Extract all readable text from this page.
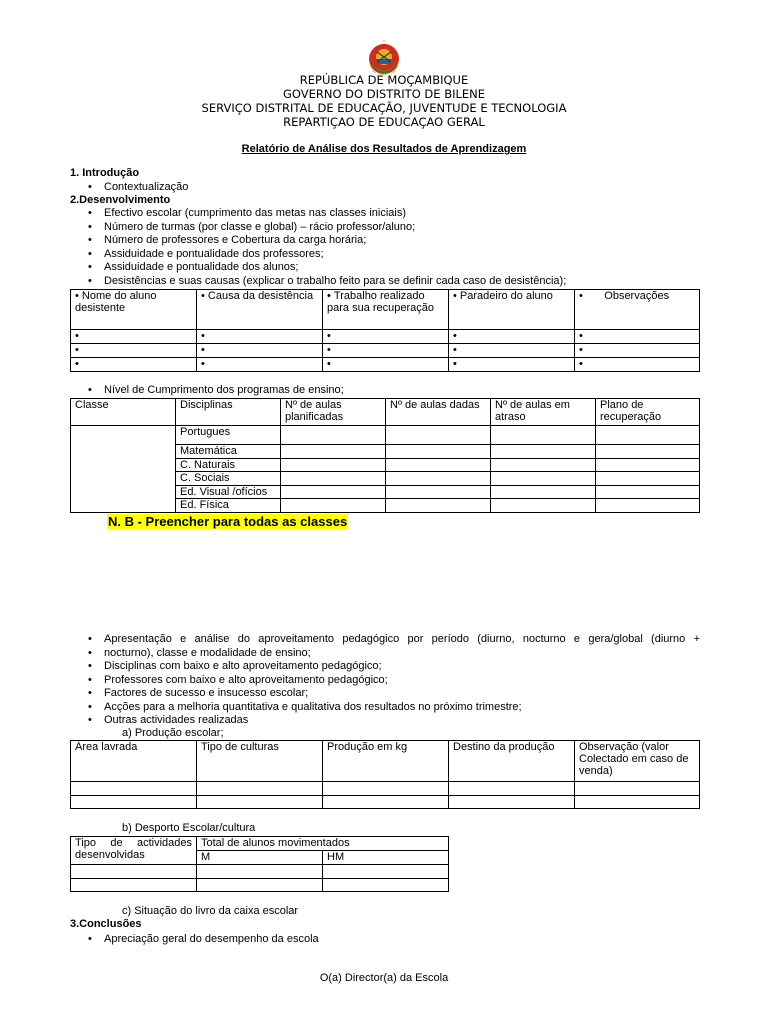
REPÚBLICA DE MOÇAMBIQUE
GOVERNO DO DISTRITO DE BILENE
SERVIÇO DISTRITAL DE EDUCAÇÃO, JUVENTUDE E TECNOLOGIA
REPARTIÇAO DE EDUCAÇAO GERAL
Relatório de Análise dos Resultados de Aprendizagem
1. Introdução
• Contextualização
2.Desenvolvimento
• Efectivo escolar (cumprimento das metas nas classes iniciais)
• Número de turmas (por classe e global) – rácio professor/aluno;
• Número de professores e Cobertura da carga horária;
• Assiduidade e pontualidade dos professores;
• Assiduidade e pontualidade dos alunos;
• Desistências e suas causas (explicar o trabalho feito para se definir cada caso de desistência);
• Nome do aluno desistente	• Causa da desistência	• Trabalho realizado para sua recuperação	• Paradeiro do aluno	• Observações
•	•	•	•	•
•	•	•	•	•
•	•	•	•	•
• Nível de Cumprimento dos programas de ensino;
Classe	Disciplinas	Nº de aulas planificadas	Nº de aulas dadas	Nº de aulas em atraso	Plano de recuperação
	Portugues				
	Matemática				
	C. Naturais				
	C. Sociais				
	Ed. Visual /ofícios				
	Ed. Física				
N. B - Preencher para todas as classes
• Apresentação e análise do aproveitamento pedagógico por período (diurno, nocturno e gera/global (diurno +
• nocturno), classe e modalidade de ensino;
• Disciplinas com baixo e alto aproveitamento pedagógico;
• Professores com baixo e alto aproveitamento pedagógico;
• Factores de sucesso e insucesso escolar;
• Acções para a melhoria quantitativa e qualitativa dos resultados no próximo trimestre;
• Outras actividades realizadas
a) Produção escolar;
Área lavrada	Tipo de culturas	Produção em kg	Destino da produção	Observação (valor Colectado em caso de venda)

b) Desporto Escolar/cultura
Tipo de actividades desenvolvidas	Total de alunos movimentados	
	M	HM

c) Situação do livro da caixa escolar
3.Conclusões
• Apreciação geral do desempenho da escola
O(a) Director(a) da Escola
